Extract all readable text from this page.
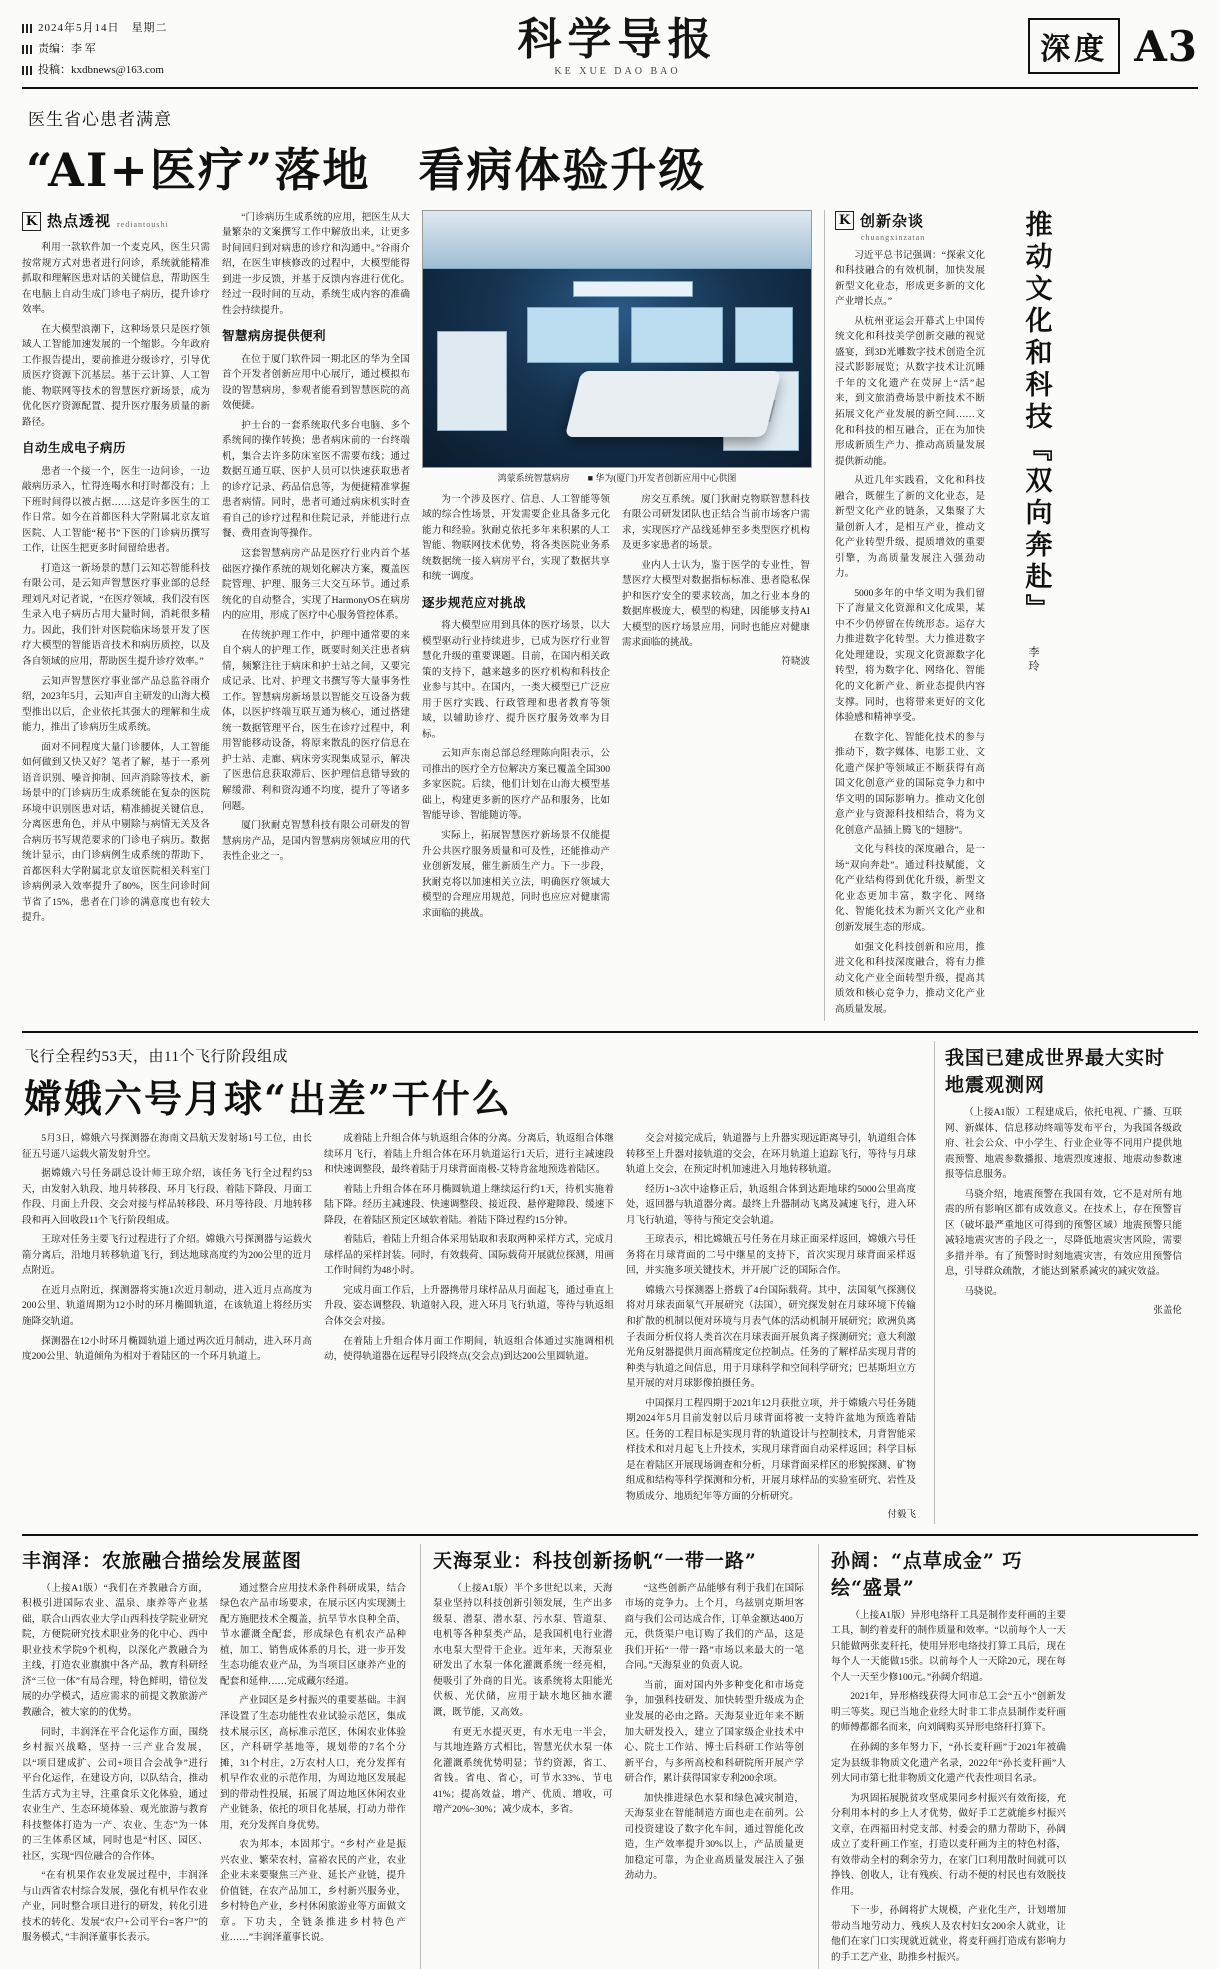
2024年5月14日　星期二
责编：李 军
投稿：kxdbnews@163.com
科学导报
KE XUE DAO BAO
深度 A3
医生省心患者满意
“AI+医疗”落地　看病体验升级
K 热点透视 rediantoushi

利用一款软件加一个麦克风，医生只需按常规方式对患者进行问诊，系统就能精准抓取和理解医患对话的关键信息，帮助医生在电脑上自动生成门诊电子病历，提升诊疗效率。

在大模型浪潮下，这种场景只是医疗领域人工智能加速发展的一个缩影。今年政府工作报告提出，要前推进分级诊疗，引导优质医疗资源下沉基层。基于云计算、人工智能、物联网等技术的智慧医疗新场景，成为优化医疗资源配置、提升医疗服务质量的新路径。

自动生成电子病历

患者一个接一个，医生一边问诊，一边敲病历录入，忙得连喝水和打时都没有；上下班时间得以被占据……这是许多医生的工作日常。如今在首都医科大学附属北京友谊医院、人工智能“秘书”下医的门诊病历撰写工作，让医生把更多时间留给患者。

打造这一新场景的慧门云知芯智能科技有限公司，是云知声智慧医疗事业部的总经理刘凡对记者说，“在医疗领域，我们没有医生录入电子病历占用大量时间，消耗很多精力。因此，我们针对医院临床场景开发了医疗大模型的智能语音技术和病历质控，以及各自领域的应用，帮助医生提升诊疗效率。”

云知声智慧医疗事业部产品总监谷雨介绍，2023年5月，云知声自主研发的山海大模型推出以后，企业依托其强大的理解和生成能力，推出了诊病历生成系统。

面对不同程度大量门诊腰体，人工智能如何做到又快又好？笔者了解，基于一系列语音识别、噪音抑制、回声消除等技术，新场景中的门诊病历生成系统能在复杂的医院环境中识别医患对话，精准捕捉关键信息，分离医患角色，并从中剔除与病情无关及各合病历书写规范要求的门诊电子病历。数据统计显示，由门诊病例生成系统的帮助下，首都医科大学附属北京友谊医院相关科室门诊病例录入效率提升了80%，医生问诊时间节省了15%，患者在门诊的满意度也有较大提升。

“门诊病历生成系统的应用，把医生从大量繁杂的文案撰写工作中解放出来，让更多时间回归到对病患的诊疗和沟通中。”谷雨介绍，在医生审核修改的过程中，大模型能得到进一步反馈，并基于反馈内容进行优化。经过一段时间的互动，系统生成内容的准确性会持续提升。

智慧病房提供便利

在位于厦门软件园一期北区的华为全国首个开发者创新应用中心展厅，通过模拟布设的智慧病房，参观者能看到智慧医院的高效便捷。

护士台的一套系统取代多台电脑、多个系统间的操作转换；患者病床前的一台终端机，集合去许多防床室医不需要布线；通过数据互通互联、医护人员可以快速获取患者的诊疗记录、药品信息等，为便捷精准掌握患者病情。同时，患者可通过病床机实时查看自己的诊疗过程和住院记录，并能进行点餐、费用查询等操作。

这套智慧病房产品是医疗行业内首个基础医疗操作系统的规划化解决方案，覆盖医院管理、护理、服务三大交互环节。通过系统化的自动整合，实现了HarmonyOS在病房内的应用，形成了医疗中心服务管控体系。

在传统护理工作中，护理中通常要的来自个病人的护理工作，既要时刻关注患者病情，频繁注往于病床和护士站之间，又要完成记录、比对、护理文书撰写等大量事务性工作。智慧病房新场景以智能交互设备为载体，以医护终端互联互通为核心，通过搭建统一数据管理平台，医生在诊疗过程中，利用智能移动设备，将原来散乱的医疗信息在护士站、走廊、病床旁实现集成显示，解决了医患信息获取滞后、医护理信息错导致的解缓滞、利和资沟通不均度，提升了等诸多问题。

厦门狄耐克智慧科技有限公司研发的智慧病房产品，是国内智慧病房领域应用的代表性企业之一。

鸿蒙系统智慧病房　　■ 华为(厦门)开发者创新应用中心供图

为一个涉及医疗、信息、人工智能等领域的综合性场景，开发需要企业具备多元化能力和经验。狄耐克依托多年来积累的人工智能、物联网技术优势，将各类医院业务系统数据统一接入病房平台，实现了数据共享和统一调度。

逐步规范应对挑战

将大模型应用到具体的医疗场景，以大模型驱动行业持续进步，已成为医疗行业智慧化升级的重要课题。目前，在国内相关政策的支持下，越来越多的医疗机构和科技企业参与其中。在国内，一类大模型已广泛应用于医疗实践、行政管理和患者教育等领域，以辅助诊疗、提升医疗服务效率为目标。

云知声东南总部总经理陈向阳表示，公司推出的医疗全方位解决方案已覆盖全国300多家医院。后续，他们计划在山海大模型基础上，构建更多新的医疗产品和服务，比如智能导诊、智能随访等。

实际上，拓展智慧医疗新场景不仅能提升公共医疗服务质量和可及性，还能推动产业创新发展，催生新质生产力。下一步段，狄耐克将以加速相关立法，明确医疗领域大模型的合理应用规范，同时也应应对健康需求面临的挑战。

房交互系统。厦门狄耐克物联智慧科技有限公司研发团队也正结合当前市场客户需求，实现医疗产品线延伸至多类型医疗机构及更多家患者的场景。

业内人士认为，鉴于医学的专业性，智慧医疗大模型对数据指标标准、患者隐私保护和医疗安全的要求较高，加之行业本身的数据库极庞大，模型的构建，因能够支持AI大模型的医疗场景应用，同时也能应对健康需求面临的挑战。

符晓波
K 创新杂谈
chuangxinzatan

习近平总书记强调：“探索文化和科技融合的有效机制，加快发展新型文化业态，形成更多新的文化产业增长点。”

从杭州亚运会开幕式上中国传统文化和科技美学创新交融的视觉盛宴，到3D光雕数字技术创造全沉浸式影影展览；从数字技术让沉睡千年的文化遗产在荧屏上“活”起来，到文旅消费场景中新技术不断拓展文化产业发展的新空间……文化和科技的相互融合，正在为加快形成新质生产力、推动高质量发展提供新动能。

从近几年实践看，文化和科技融合，既催生了新的文化业态，是新型文化产业的链条，又集聚了大量创新人才，是相互产业，推动文化产业转型升级、提质增效的重要引擎，为高质量发展注入强劲动力。

5000多年的中华文明为我们留下了海量文化资源和文化成果，某中不少仍停留在传统形态。运存大力推进数字化转型。大力推进数字化处理建设，实现文化资源数字化转型，将为数字化、网络化、智能化的文化新产业、新业态提供内容支撑。同时，也将带来更好的文化体验感和精神享受。

在数字化、智能化技术的参与推动下，数字媒体、电影工业、文化遗产保护等领域正不断获得有高国文化创意产业的国际竞争力和中华文明的国际影响力。推动文化创意产业与资源科技相结合，将为文化创意产品插上腾飞的“翅膀”。

文化与科技的深度融合，是一场“双向奔赴”。通过科技赋能，文化产业结构得到优化升级，新型文化业态更加丰富，数字化、网络化、智能化技术为新兴文化产业和创新发展生态的形成。

如强文化科技创新和应用，推进文化和科技深度融合，将有力推动文化产业全面转型升级，提高其质效和核心竞争力，推动文化产业高质量发展。

推动文化和科技『双向奔赴』
李玲
飞行全程约53天，由11个飞行阶段组成
嫦娥六号月球“出差”干什么

5月3日，嫦娥六号探测器在海南文昌航天发射场1号工位，由长征五号遥八运载火箭发射升空。

据嫦娥六号任务副总设计师王琼介绍，该任务飞行全过程约53天，由发射入轨段、地月转移段、环月飞行段、着陆下降段、月面工作段、月面上升段、交会对接与样品转移段、环月等待段、月地转移段和再入回收段11个飞行阶段组成。

王琼对任务主要飞行过程进行了介绍。嫦娥六号探测器与运载火箭分离后，沿地月转移轨道飞行，到达地球高度约为200公里的近月点附近。

在近月点附近，探测器将实施1次近月制动，进入近月点高度为200公里、轨道周期为12小时的环月椭圆轨道，在该轨道上将经历实施降交轨道。

探测器在12小时环月椭圆轨道上通过两次近月制动，进入环月高度200公里、轨道倾角为相对于着陆区的一个环月轨道上。

成着陆上升组合体与轨返组合体的分离。分离后，轨返组合体继续环月飞行，着陆上升组合体在环月轨道运行1天后，进行主减速段和快速调整段，最终着陆于月球背面南极-艾特肯盆地预选着陆区。

着陆上升组合体在环月椭圆轨道上继续运行约1天，待机实施着陆下降。经历主减速段、快速调整段、接近段、悬停避障段、缓速下降段，在着陆区预定区域软着陆。着陆下降过程约15分钟。

着陆后，着陆上升组合体采用钻取和表取两种采样方式，完成月球样品的采样封装。同时，有效载荷、国际载荷开展就位探测，用画工作时间约为48小时。

完成月面工作后，上升器携带月球样品从月面起飞，通过垂直上升段、姿态调整段、轨道射入段，进入环月飞行轨道，等待与轨返组合体交会对接。

在着陆上升组合体月面工作期间，轨返组合体通过实施调相机动，使得轨道器在远程导引段终点(交会点)到达200公里圆轨道。

交会对接完成后，轨道器与上升器实现远距离导引，轨道组合体转移至上升器对接轨道的交会，在环月轨道上追踪飞行，等待与月球轨道上交会，在预定时机加速进入月地转移轨道。

经历1~3次中途修正后，轨返组合体到达距地球约5000公里高度处，返回器与轨道器分离。最终上升器制动飞离及减速飞行，进入环月飞行轨道，等待与预定交会轨道。

王琼表示，相比嫦娥五号任务在月球正面采样返回，嫦娥六号任务将在月球背面的二号中继星的支持下，首次实现月球背面采样返回，并实施多项关键技术，并开展广泛的国际合作。

嫦娥六号探测器上搭载了4台国际载荷。其中，法国氡气探测仪将对月球表面氡气开展研究（法国），研究探发射在月球环境下传输和扩散的机制以便对环境与月表气体的活动机制开展研究；欧洲负离子表面分析仪将人类首次在月球表面开展负离子探测研究；意大利激光角反射器提供月面高精度定位控制点。任务的了解样品实现月背的种类与轨道之间信息，用于月球科学和空间科学研究；巴基斯坦立方星开展的对月球影像拍摄任务。

中国探月工程四期于2021年12月获批立项，并于嫦娥六号任务随期2024年5月目前发射以后月球背面将被一支特许盆地为预选着陆区。任务的工程目标是实现月背的轨道设计与控制技术，月背智能采样技术和对月起飞上升技术，实现月球背面自动采样返回；科学目标是在着陆区开展现场调查和分析，月球背面采样区的形貌探测、矿物组成和结构等科学探测和分析，开展月球样品的实验室研究、岩性及物质成分、地质纪年等方面的分析研究。

付毅飞
我国已建成世界最大实时地震观测网

（上接A1版）工程建成后，依托电视、广播、互联网、新媒体、信息移动终端等发布平台，为我国各级政府、社会公众、中小学生、行业企业等不同用户提供地震预警、地震参数播报、地震烈度速报、地震动参数速报等信息服务。

马骁介绍，地震预警在我国有效，它不是对所有地震的所有影响区都有成效意义。在技术上，存在预警盲区（破坏最严重地区可得到的预警区域）地震预警只能减轻地震灾害的子段之一，尽降低地震灾害风险，需要多措并举。有了预警时时刻地震灾害，有效应用预警信息，引导群众疏散，才能达到紧系减灾的减灾效益。

马骁说。

张盖伦
丰润泽：农旅融合描绘发展蓝图

（上接A1版）“我们在齐教融合方面，积极引进国际农业、温泉、康养等产业基础，联合山西农业大学山西科技学院业研究院，方便院研究技术职业务的化中心、西中职业技术学院9个机构，以深化产教融合为主线，打造农业旗旗中各产品，教育科研经济“三位一体”有局合理，特色鲜明，错位发展的办学模式，适应需求的前提文教旅游产教融合，被大家的的优势。

同时，丰润泽在平合化运作方面，围绕乡村振兴战略，坚持一三产业合发展，以“项目建成扩、公司+项目合会战争”进行平台化运作，在建设方向，以队结合，推动生活方式为主导，注重食乐文化体验，通过农业生产、生态环境体验、观光旅游与教育科技整体打造为一产、农业、生态”为一体的三生体系区域，同时也是“村区、园区、社区，实现“四位融合的合作体。

“在有机果作农业发展过程中，丰润泽与山西省农村综合发展，强化有机早作农业产业，同时整合项目进行的研发，转化引进技术的转化、发展“农户+公司平台=客户”的服务模式，”丰润泽董事长表示。

通过整合应用技术条件科研成果，结合绿色农产品市场要求，在展示区内实现测土配方施肥技术全覆盖，抗旱节水良种全苗，节水灌溉全配套，形成绿色有机农产品种植，加工、销售成体系的月长，进一步开发生态功能农业产品，为当项目区康养产业的配套和延伸……完成藏尔经道。

产业园区是乡村振兴的重要基础。丰润泽设置了生态功能性农业试验示范区，集成技术展示区，高标准示范区，休闲农业体验区，产科研学基地等，规划带的7名个分摊，31个村庄，2万农村人口，充分发挥有机早作农业的示范作用，为周边地区发展起到的带动性投展，拓展了周边地区休闲农业产业链条，依托的项目化基展，打动力带作用，充分发挥自身优势。

农为邦本，本固邦宁。“乡村产业是振兴农业、繁荣农村，富裕农民的产业，农业企业未来要聚焦三产业、延长产业链，提升价值链，在农产品加工，乡村新兴服务业，乡村特色产业，乡村休闲旅游业等方面做文章。下功夫，全链条推进乡村特色产业……”丰润泽董事长说。

天海泵业：科技创新扬帆“一带一路”

（上接A1版）半个多世纪以来，天海泵业坚持以科技创新引领发展，生产出多级泵、潜泵、潜水泵、污水泵、管道泵、电机等各种泵类产品，是我国机电行业潜水电泵大型骨干企业。近年来，天海泵业研发出了水泵一体化灌溉系统一经亮相，便吸引了外商的目光。该系统将太阳能光伏板、光伏储，应用于缺水地区抽水灌溉，既节能，又高效。

有更无水提灭更，有水无电一半会，与其地连路方式相比，智慧光伏水泵一体化灌溉系统优势明显；节约资源，省工、省钱。省电、省心，可节水33%、节电41%；提高效益，增产、优质、增收，可增产20%~30%；减少成本，多省。

“这些创新产品能够有利于我们在国际市场的竞争力。上个月，乌兹别克斯坦客商与我们公司达成合作，订单金额达400万元，供货渠户电订购了我们的产品，这是我们开拓“一带一路”市场以来最大的一笔合同。”天海泵业的负责人说。

当前，面对国内外多种变化和市场竞争，加强科技研发、加快转型升级成为企业发展的必由之路。天海泵业近年来不断加大研发投入，建立了国家级企业技术中心、院士工作站、博士后科研工作站等创新平台，与多所高校和科研院所开展产学研合作，累计获得国家专利200余项。

加快推进绿色水泵和绿色减灾制造，天海泵业在智能制造方面也走在前列。公司投资建设了数字化车间，通过智能化改造，生产效率提升30%以上，产品质量更加稳定可靠，为企业高质量发展注入了强劲动力。

孙阔：“点草成金” 巧绘“盛景”

（上接A1版）异形电络秆工具是制作麦秆画的主要工具，制约着麦秆的制作质量和效率。“以前每个人一天只能做两张麦秆托，使用异形电络技打算工具后，现在每个人一天能做15张。以前每个人一天除20元，现在每个人一天至少修100元。”孙阔介绍道。

2021年，异形格线获得大同市总工会“五小”创新发明三等奖。现已当地企业经大时非工非点县制作麦秆画的师傅都都名而来，向刘阔购买异形电络秆打算下。

在孙阔的多年努力下，“孙长麦秆画”于2021年被确定为县级非物质文化遗产名录，2022年“孙长麦秆画”人列大同市第七批非物质文化遗产代表性项目名录。

为巩固拓展脱贫攻坚成果同乡村振兴有效衔接，充分利用本村的乡上人才优势，做好手工艺就能乡村振兴文章，在西福田村党支部、村委会的鼎力帮助下，孙阔成立了麦秆画工作室，打造以麦秆画为主的特色村落，有效带动全村的剩余劳力，在家门口利用散时间就可以挣钱、创收人，让有残疾、行动不便的村民也有效脱技作用。

下一步，孙阔将扩大规模，产业化生产，计划增加带动当地劳动力、残疾人及农村妇女200余人就业，让他们在家门口实现就近就业，将麦秆画打造成有影响力的手工艺产业，助推乡村振兴。
